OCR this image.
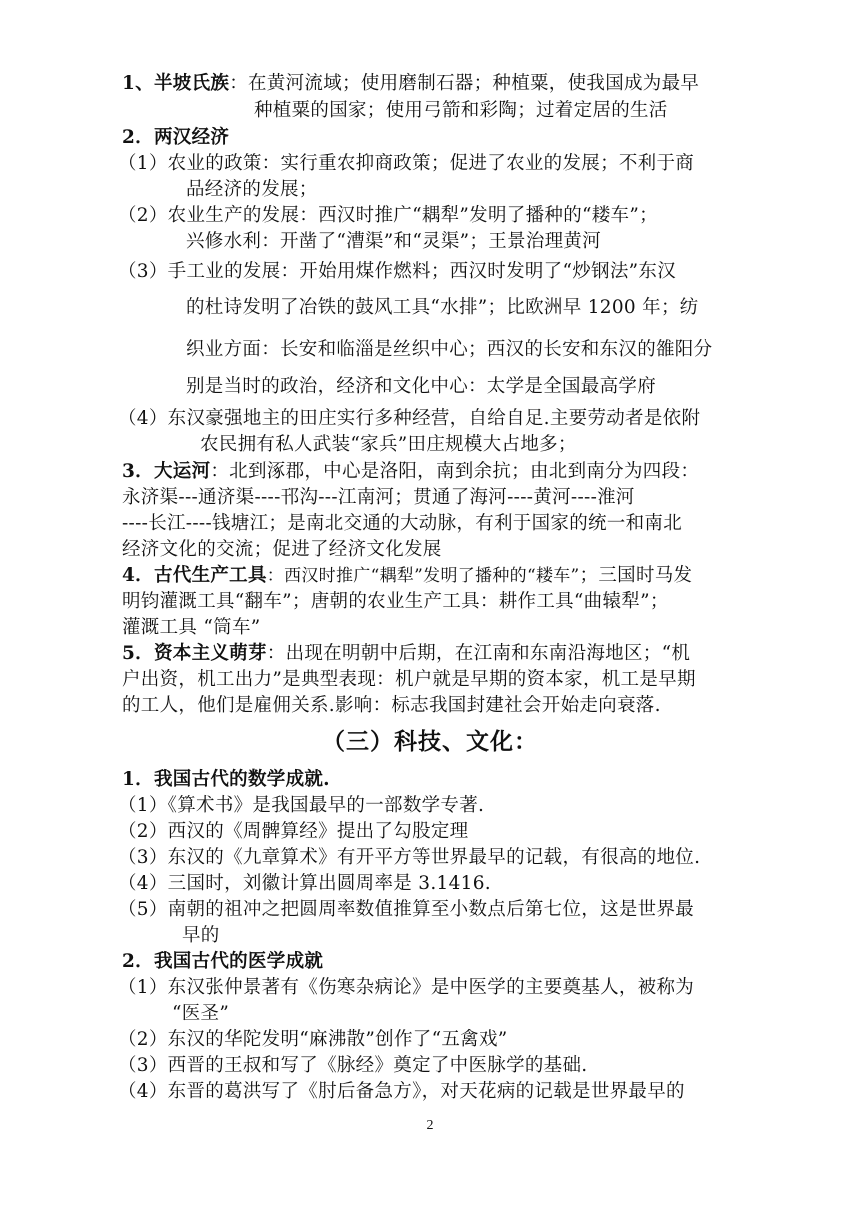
1、半坡氏族：在黄河流域；使用磨制石器；种植粟，使我国成为最早
种植粟的国家；使用弓箭和彩陶；过着定居的生活
2．两汉经济
（1）农业的政策：实行重农抑商政策；促进了农业的发展；不利于商
品经济的发展；
（2）农业生产的发展：西汉时推广“耦犁”发明了播种的“耧车”；
兴修水利：开凿了“漕渠”和“灵渠”；王景治理黄河
（3）手工业的发展：开始用煤作燃料；西汉时发明了“炒钢法”东汉
的杜诗发明了冶铁的鼓风工具“水排”；比欧洲早 1200 年；纺
织业方面：长安和临淄是丝织中心；西汉的长安和东汉的雒阳分
别是当时的政治，经济和文化中心：太学是全国最高学府
（4）东汉豪强地主的田庄实行多种经营，自给自足.主要劳动者是依附
农民拥有私人武装“家兵”田庄规模大占地多；
3．大运河：北到涿郡，中心是洛阳，南到余抗；由北到南分为四段：
永济渠---通济渠----邗沟---江南河；贯通了海河----黄河----淮河
----长江----钱塘江；是南北交通的大动脉，有利于国家的统一和南北
经济文化的交流；促进了经济文化发展
4．古代生产工具：西汉时推广“耦犁”发明了播种的“耧车”；三国时马发
明钧灌溉工具“翻车”；唐朝的农业生产工具：耕作工具“曲辕犁”；
灌溉工具 “筒车”
5．资本主义萌芽：出现在明朝中后期，在江南和东南沿海地区；“机
户出资，机工出力”是典型表现：机户就是早期的资本家，机工是早期
的工人，他们是雇佣关系.影响：标志我国封建社会开始走向衰落.
（三）科技、文化：
1．我国古代的数学成就.
（1）《算术书》是我国最早的一部数学专著.
（2）西汉的《周髀算经》提出了勾股定理
（3）东汉的《九章算术》有开平方等世界最早的记载，有很高的地位.
（4）三国时，刘徽计算出圆周率是 3.1416.
（5）南朝的祖冲之把圆周率数值推算至小数点后第七位，这是世界最
早的
2．我国古代的医学成就
（1）东汉张仲景著有《伤寒杂病论》是中医学的主要奠基人，被称为
“医圣”
（2）东汉的华陀发明“麻沸散”创作了“五禽戏”
（3）西晋的王叔和写了《脉经》奠定了中医脉学的基础.
（4）东晋的葛洪写了《肘后备急方》，对天花病的记载是世界最早的
2
